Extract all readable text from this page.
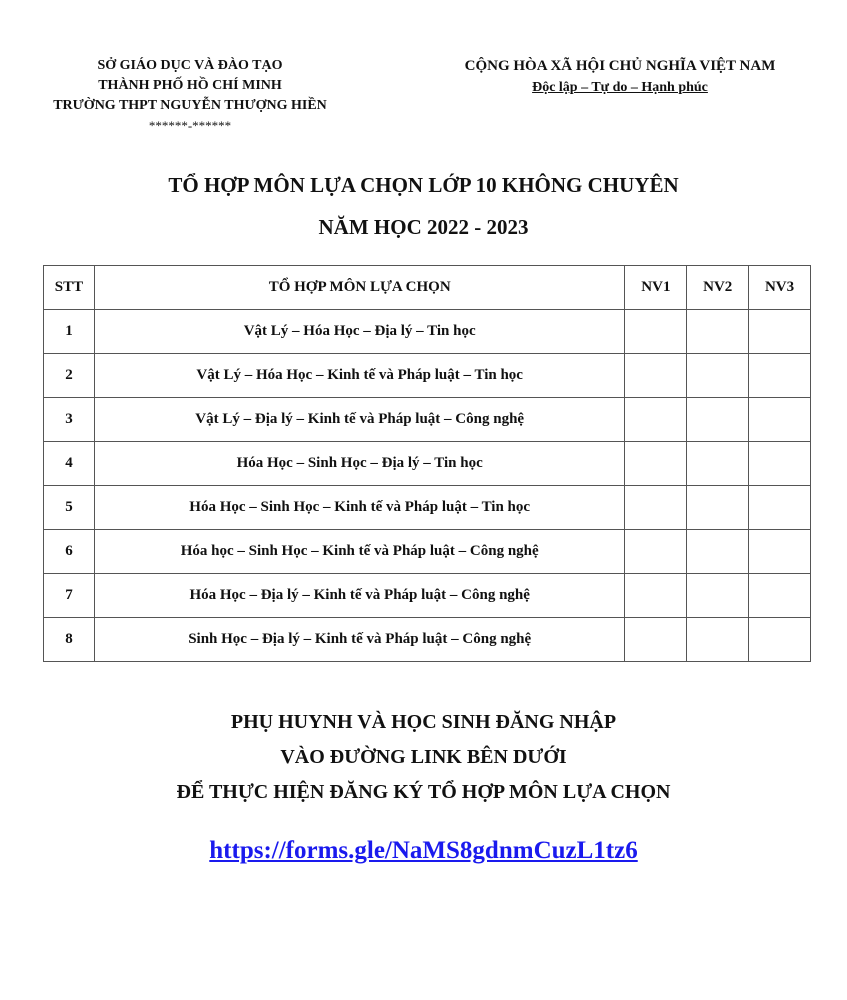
SỞ GIÁO DỤC VÀ ĐÀO TẠO
THÀNH PHỐ HỒ CHÍ MINH
TRƯỜNG THPT NGUYỄN THƯỢNG HIỀN
******-******
CỘNG HÒA XÃ HỘI CHỦ NGHĨA VIỆT NAM
Độc lập – Tự do – Hạnh phúc
TỔ HỢP MÔN LỰA CHỌN LỚP 10 KHÔNG CHUYÊN
NĂM HỌC 2022 - 2023
STT	TỔ HỢP MÔN LỰA CHỌN	NV1	NV2	NV3
1	Vật Lý – Hóa Học – Địa lý – Tin học			
2	Vật Lý – Hóa Học – Kinh tế và Pháp luật – Tin học			
3	Vật Lý – Địa lý – Kinh tế và Pháp luật – Công nghệ			
4	Hóa Học – Sinh Học – Địa lý – Tin học			
5	Hóa Học – Sinh Học – Kinh tế và Pháp luật – Tin học			
6	Hóa học – Sinh Học – Kinh tế và Pháp luật – Công nghệ			
7	Hóa Học – Địa lý – Kinh tế và Pháp luật – Công nghệ			
8	Sinh Học – Địa lý – Kinh tế và Pháp luật – Công nghệ			
PHỤ HUYNH VÀ HỌC SINH ĐĂNG NHẬP
VÀO ĐƯỜNG LINK BÊN DƯỚI
ĐỂ THỰC HIỆN ĐĂNG KÝ TỔ HỢP MÔN LỰA CHỌN
https://forms.gle/NaMS8gdnmCuzL1tz6
